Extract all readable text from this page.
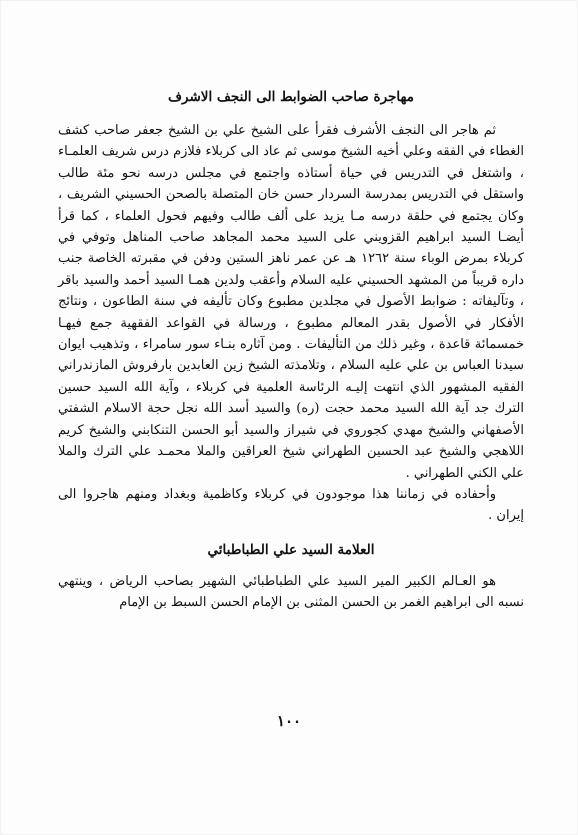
مهاجرة صاحب الضوابط الى النجف الاشرف

ثم هاجر الى النجف الأشرف فقرأ على الشيخ علي بن الشيخ جعفر صاحب كشف الغطاء في الفقه وعلي أخيه الشيخ موسى ثم عاد الى كربلاء فلازم درس شريف العلمـاء ، واشتغل في التدريس في حياة أستاذه واجتمع في مجلس درسه نحو مئة طالب واستقل في التدريس بمدرسة السردار حسن خان المتصلة بالصحن الحسيني الشريف ، وكان يجتمع في حلقة درسه مـا يزيد على ألف طالب وفيهم فحول العلماء ، كما قرأ أيضـا السيد ابراهيم القزويني على السيد محمد المجاهد صاحب المناهل وتوفي في كربلاء بمرض الوباء سنة ١٢٦٢ هـ عن عمر ناهز الستين ودفن في مقبرته الخاصة جنب داره قريباً من المشهد الحسيني عليه السلام وأعقب ولدين همـا السيد أحمد والسيد باقر ، وتآليفاته : ضوابط الأصول في مجلدين مطبوع وكان تأليفه في سنة الطاعون ، ونتائج الأفكار في الأصول بقدر المعالم مطبوع ، ورسالة في القواعد الفقهية جمع فيهـا خمسمائة قاعدة ، وغير ذلك من التأليفات . ومن آثاره بنـاء سور سامراء ، وتذهيب ايوان سيدنا العباس بن علي عليه السلام ، وتلامذته الشيخ زين العابدين بارفروش المازندراني الفقيه المشهور الذي انتهت إليـه الرئاسة العلمية في كربلاء ، وآية الله السيد حسين الترك جد آية الله السيد محمد حجت (ره) والسيد أسد الله نجل حجة الاسلام الشفتي الأصفهاني والشيخ مهدي كجوروي في شيراز والسيد أبو الحسن التنكابني والشيخ كريم اللاهجي والشيخ عبد الحسين الطهراني شيخ العراقين والملا محمـد علي الترك والملا علي الكني الطهراني .

وأحفاده في زماننا هذا موجودون في كربلاء وكاظمية وبغداد ومنهم هاجروا الى إيران .

العلامة السيد علي الطباطبائي

هو العـالم الكبير المير السيد علي الطباطبائي الشهير بصاحب الرياض ، وينتهي نسبه الى ابراهيم الغمر بن الحسن المثنى بن الإمام الحسن السبط بن الإمام

١٠٠
